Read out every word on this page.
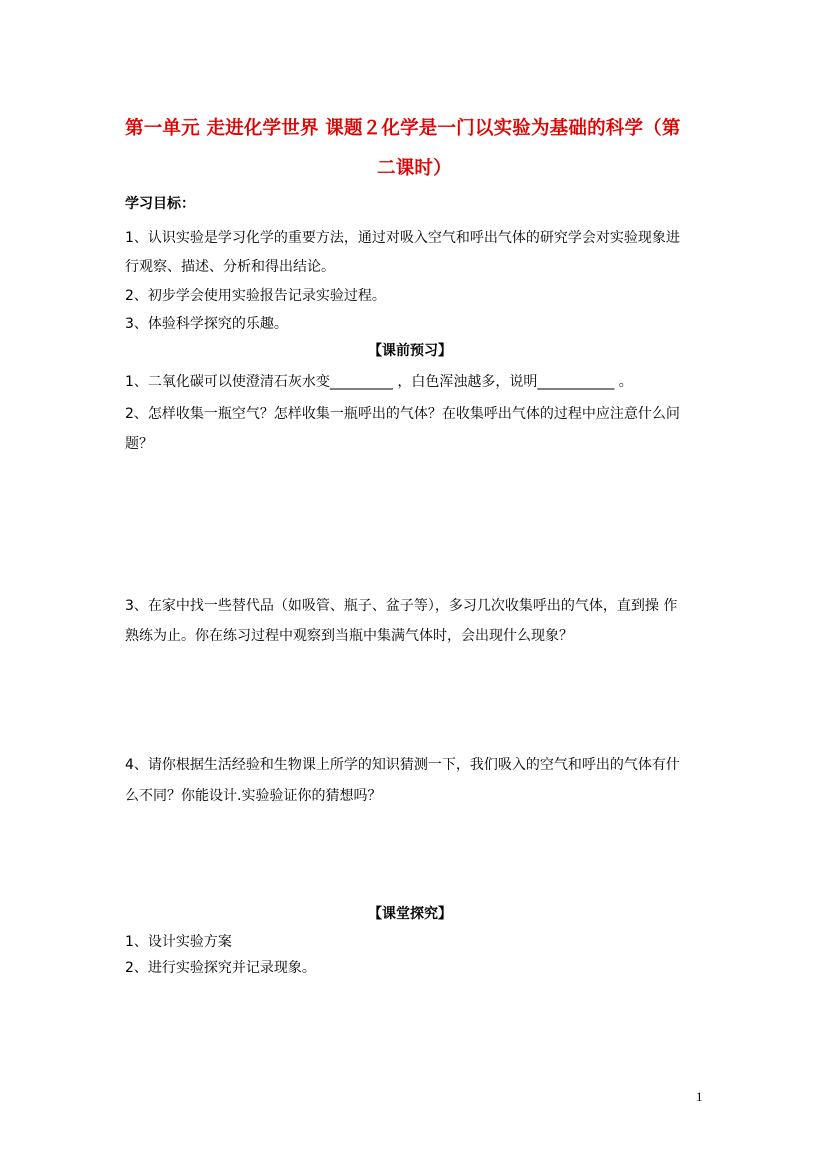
第一单元 走进化学世界 课题２化学是一门以实验为基础的科学（第
二课时）
学习目标：
1、认识实验是学习化学的重要方法，通过对吸入空气和呼出气体的研究学会对实验现象进
行观察、描述、分析和得出结论。
2、初步学会使用实验报告记录实验过程。
3、体验科学探究的乐趣。
【课前预习】
1、二氧化碳可以使澄清石灰水变_________ ，白色浑浊越多，说明___________ 。
2、怎样收集一瓶空气？怎样收集一瓶呼出的气体？在收集呼出气体的过程中应注意什么问
题？
3、在家中找一些替代品（如吸管、瓶子、盆子等），多习几次收集呼出的气体，直到操 作
熟练为止。你在练习过程中观察到当瓶中集满气体时，会出现什么现象？
4、请你根据生活经验和生物课上所学的知识猜测一下，我们吸入的空气和呼出的气体有什
么不同？你能设计.实验验证你的猜想吗？
【课堂探究】
1、设计实验方案
2、进行实验探究并记录现象。
1
